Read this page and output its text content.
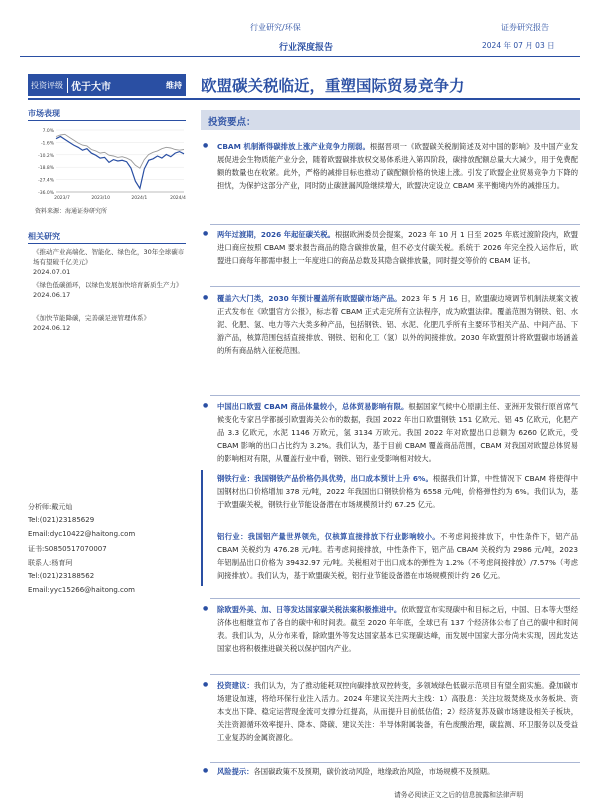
行业研究/环保
行业深度报告
证券研究报告
2024 年 07 月 03 日
投资评级 优于大市	维持 欧盟碳关税临近，重塑国际贸易竞争力
市场表现
7.0%
-1.6%
-10.2%
-18.8%
-27.4%
-36.0%
2023/7	2023/10	2024/1	2024/4
资料来源：海通证券研究所
相关研究
《推动产业高端化、智能化、绿色化，30年全球碳市场有望破千亿美元》
2024.07.01
《绿色低碳循环，以绿色发展加快培育新质生产力》
2024.06.17
《加快节能降碳，完善碳足迹管理体系》
2024.06.12
分析师:戴元灿
Tel:(021)23185629
Email:dyc10422@haitong.com
证书:S0850517070007
联系人:杨育珂
Tel:(021)23188562
Email:yyc15266@haitong.com
投资要点：
● CBAM 机制渐得碳排放上涨产业竞争力削弱。根据晋项一《欧盟碳关税制简述及对中国的影响》及中国产业发展促进会生物质能产业分会，随着欧盟碳排放权交易体系进入第四阶段，碳排放配额总量大大减少，用于免费配额的数量也在收紧。此外，严格的减排目标也推动了碳配额价格的快速上涨。引发了欧盟企业贸易竞争力下降的担忧，为保护这部分产业，同时防止碳泄漏风险继续增大，欧盟决定设立 CBAM 来平衡境内外的减排压力。

● 两年过渡期，2026 年起征碳关税。根据欧洲委员会提案，2023 年 10 月 1 日至 2025 年底过渡阶段内，欧盟进口商应按照 CBAM 要求报告商品的隐含碳排放量，但不必支付碳关税。系统于 2026 年完全投入运作后，欧盟进口商每年都需申报上一年度进口的商品总数及其隐含碳排放量，同时提交等价的 CBAM 证书。

● 覆盖六大门类，2030 年预计覆盖所有欧盟碳市场产品。2023 年 5 月 16 日，欧盟碳边境调节机制法规案文被正式发布在《欧盟官方公报》，标志着 CBAM 正式走完所有立法程序，成为欧盟法律。覆盖范围为钢铁、铝、水泥、化肥、氢、电力等六大类多种产品，包括钢铁、铝、水泥、化肥几乎所有主要环节相关产品、中间产品、下游产品，核算范围包括直接排放、钢铁、铝和化工（氢）以外的间接排放。2030 年欧盟预计将欧盟碳市场涵盖的所有商品纳入征税范围。

● 中国出口欧盟 CBAM 商品体量较小，总体贸易影响有限。根据国家气候中心原副主任、亚洲开发银行原首席气候变化专家吕学都援引欧盟海关公布的数据，我国 2022 年出口欧盟钢铁 151 亿欧元、铝 45 亿欧元，化肥产品 3.3 亿欧元，水泥 1146 万欧元，氢 3134 万欧元。我国 2022 年对欧盟出口总额为 6260 亿欧元，受 CBAM 影响的出口占比约为 3.2%。我们认为，基于目前 CBAM 覆盖商品范围，CBAM 对我国对欧盟总体贸易的影响相对有限，从覆盖行业中看，钢铁、铝行业受影响相对较大。

钢铁行业：我国钢铁产品价格仍具优势，出口成本预计上升 6%。根据我们计算，中性情况下 CBAM 将使得中国钢材出口价格增加 378 元/吨，2022 年我国出口钢铁价格为 6558 元/吨，价格弹性约为 6%。我们认为，基于欧盟碳关税，钢铁行业节能设备潜在市场规模预计约 67.25 亿元。
铝行业：我国铝产量世界领先，仅核算直接排放下行业影响较小。不考虑间接排放下，中性条件下，铝产品 CBAM 关税约为 476.28 元/吨。若考虑间接排放，中性条件下，铝产品 CBAM 关税约为 2986 元/吨，2023 年铝制品出口价格为 39432.97 元/吨。关税相对于出口成本的弹性为 1.2%（不考虑间接排放）/7.57%（考虑间接排放）。我们认为，基于欧盟碳关税，铝行业节能设备潜在市场规模预计约 26 亿元。
● 除欧盟外美、加、日等发达国家碳关税法案积极推进中。依欧盟宣布实现碳中和目标之后，中国、日本等大型经济体也相继宣布了各自的碳中和时间表。截至 2020 年年底，全球已有 137 个经济体公布了自己的碳中和时间表。我们认为，从分布来看，除欧盟外等发达国家基本已实现碳达峰，而发展中国家大部分尚未实现，因此发达国家也将积极推进碳关税以保护国内产业。

● 投资建议：我们认为，为了推动能耗双控向碳排放双控转变，多领域绿色低碳示范项目有望全面实施。叠加碳市场建设加速，将给环保行业注入活力。2024 年建议关注两大主线：1）高股息：关注垃圾焚烧及水务板块、资本支出下降、稳定运营现金流可支撑分红提高，从而提升目前低估值；2）经济复苏及碳市场建设相关子板块，关注资源循环效率提升、降本、降碳、建议关注：半导体附属装备，有色废酸治理，碳监测、环卫服务以及受益工业复苏的金属资源化。

● 风险提示：各国碳政策不及预期，碳价波动风险，地缘政治风险，市场规模不及预期。

请务必阅读正文之后的信息披露和法律声明
